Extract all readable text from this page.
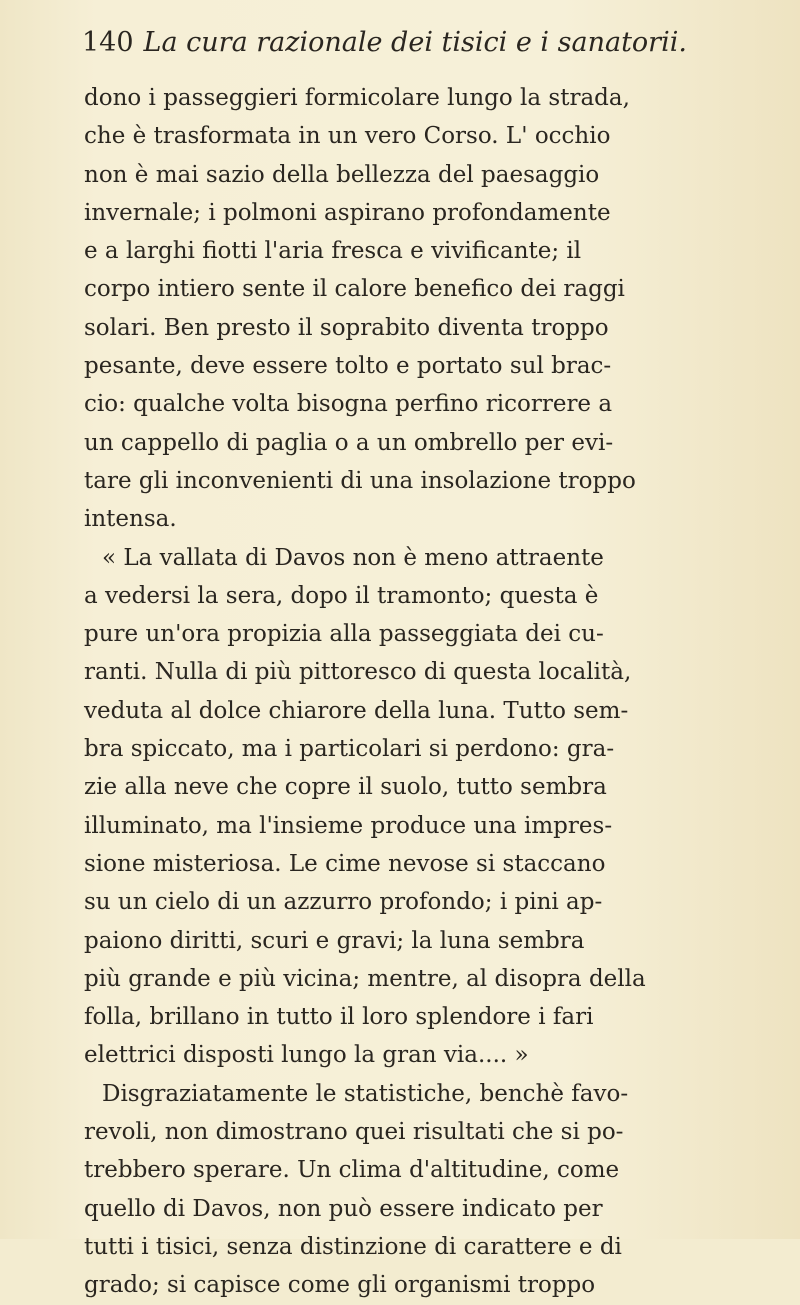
140 La cura razionale dei tisici e i sanatorii.
dono i passeggieri formicolare lungo la strada,
che è trasformata in un vero Corso. L' occhio
non è mai sazio della bellezza del paesaggio
invernale; i polmoni aspirano profondamente
e a larghi fiotti l'aria fresca e vivificante; il
corpo intiero sente il calore benefico dei raggi
solari. Ben presto il soprabito diventa troppo
pesante, deve essere tolto e portato sul brac-
cio: qualche volta bisogna perfino ricorrere a
un cappello di paglia o a un ombrello per evi-
tare gli inconvenienti di una insolazione troppo
intensa.
« La vallata di Davos non è meno attraente
a vedersi la sera, dopo il tramonto; questa è
pure un'ora propizia alla passeggiata dei cu-
ranti. Nulla di più pittoresco di questa località,
veduta al dolce chiarore della luna. Tutto sem-
bra spiccato, ma i particolari si perdono: gra-
zie alla neve che copre il suolo, tutto sembra
illuminato, ma l'insieme produce una impres-
sione misteriosa. Le cime nevose si staccano
su un cielo di un azzurro profondo; i pini ap-
paiono diritti, scuri e gravi; la luna sembra
più grande e più vicina; mentre, al disopra della
folla, brillano in tutto il loro splendore i fari
elettrici disposti lungo la gran via.... »
Disgraziatamente le statistiche, benchè favo-
revoli, non dimostrano quei risultati che si po-
trebbero sperare. Un clima d'altitudine, come
quello di Davos, non può essere indicato per
tutti i tisici, senza distinzione di carattere e di
grado; si capisce come gli organismi troppo
